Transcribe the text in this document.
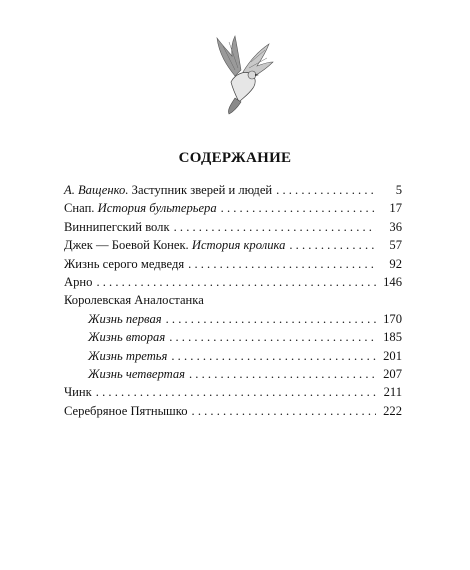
СОДЕРЖАНИЕ
А. Ващенко. Заступник зверей и людей . . .	5
Снап. История бультерьера . . .	17
Виннипегский волк . . .	36
Джек — Боевой Конек. История кролика . . .	57
Жизнь серого медведя . . .	92
Арно . . .	146
Королевская Аналостанка
Жизнь первая . . .	170
Жизнь вторая . . .	185
Жизнь третья . . .	201
Жизнь четвертая . . .	207
Чинк . . .	211
Серебряное Пятнышко . . .	222
